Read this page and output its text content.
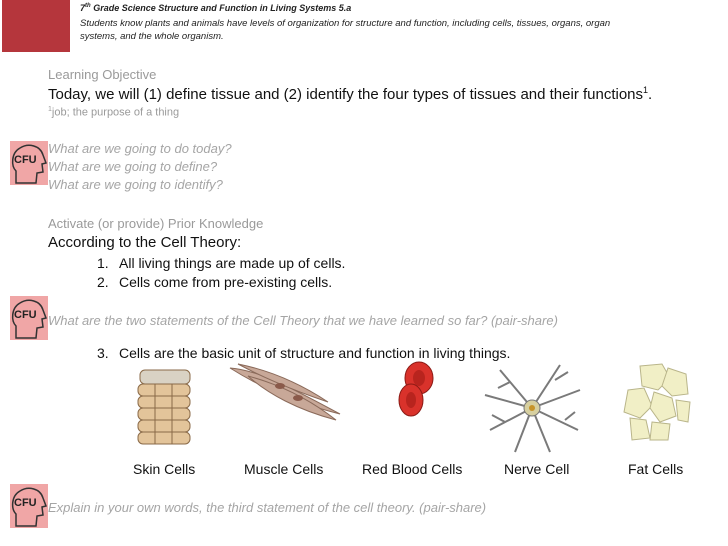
7th Grade Science Structure and Function in Living Systems 5.a
Students know plants and animals have levels of organization for structure and function, including cells, tissues, organs, organ
systems, and the whole organism.
Learning Objective
Today, we will (1) define tissue and (2) identify the four types of tissues and their functions$^1$.
$^1$job; the purpose of a thing
CFU
What are we going to do today?
What are we going to define?
What are we going to identify?
Activate (or provide) Prior Knowledge
According to the Cell Theory:
1. All living things are made up of cells.
2. Cells come from pre-existing cells.
CFU What are the two statements of the Cell Theory that we have learned so far? (pair-share)
3. Cells are the basic unit of structure and function in living things.
Skin Cells	Muscle Cells	Red Blood Cells	Nerve Cell	Fat Cells
CFU Explain in your own words, the third statement of the cell theory. (pair-share)
